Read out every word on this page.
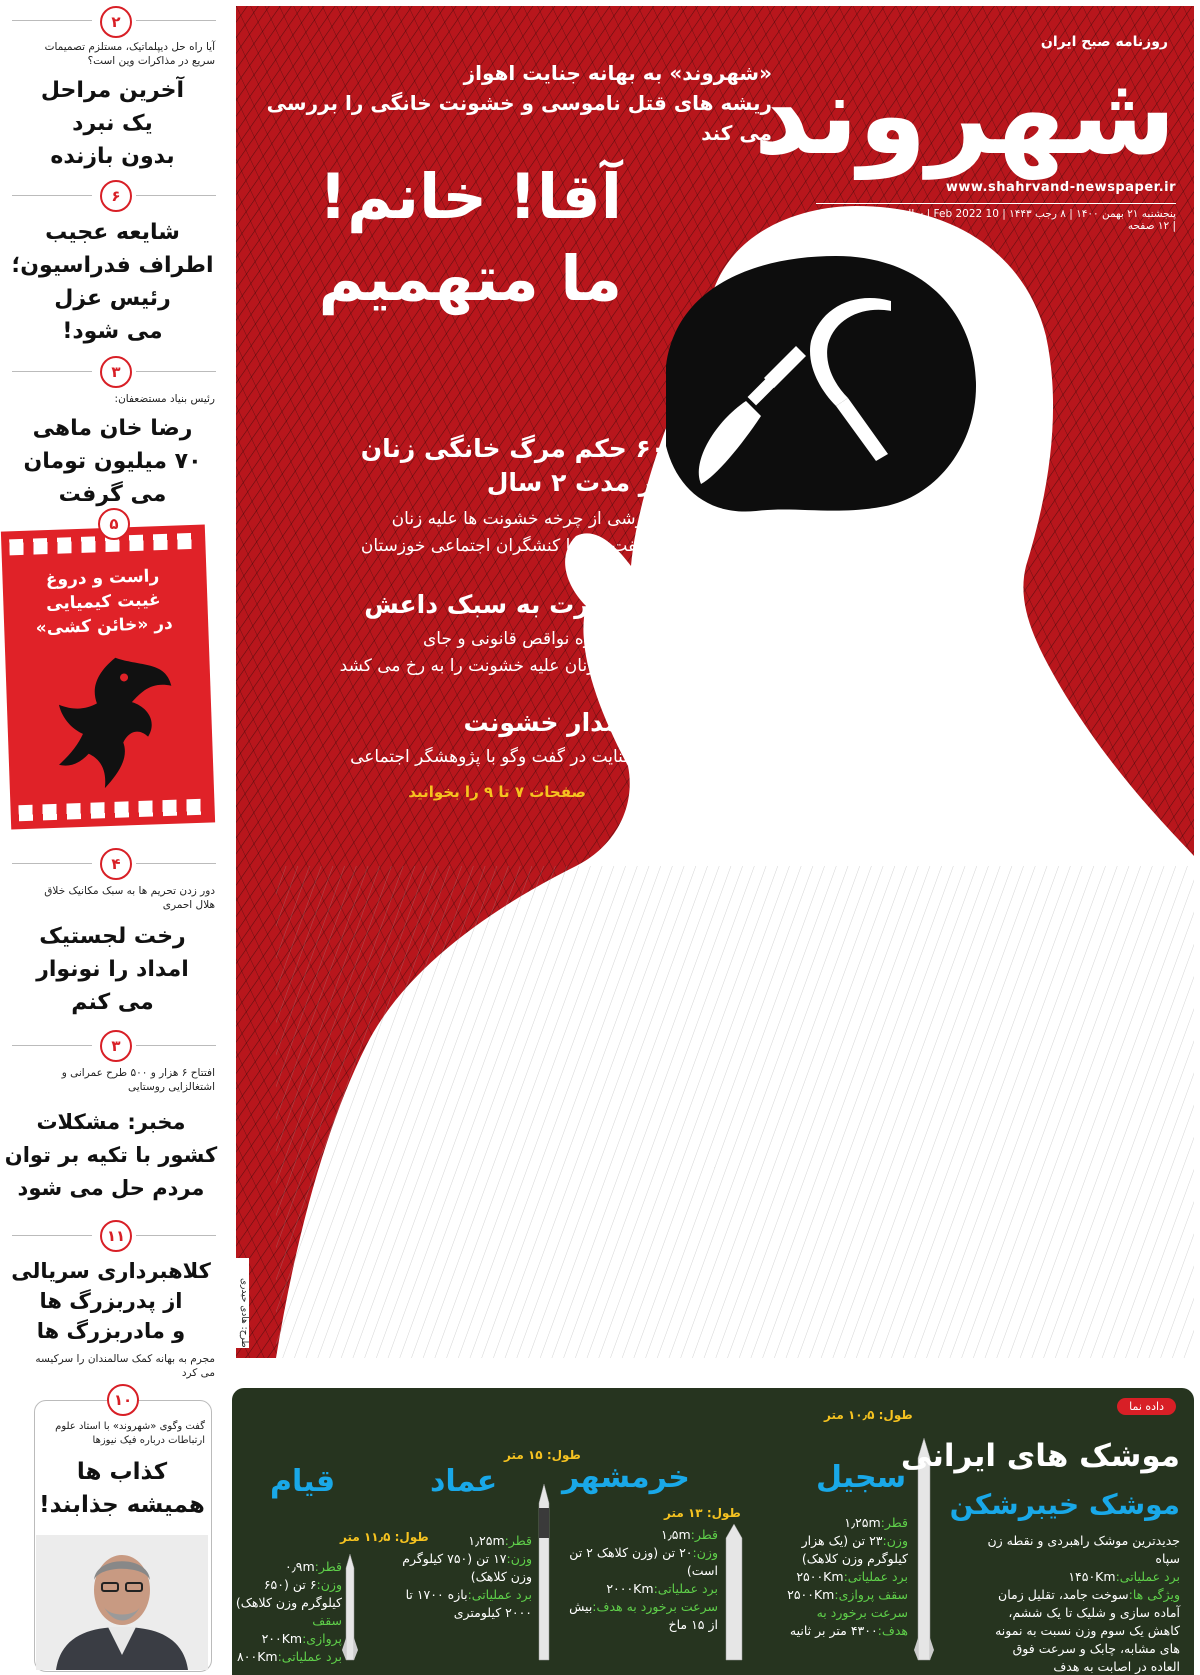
۲
آیا راه حل دیپلماتیک، مستلزم تصمیمات سریع در مذاکرات وین است؟
آخرین مراحل
یک نبرد
بدون بازنده
۶
شایعه عجیب
اطراف فدراسیون؛
رئیس عزل
می شود!
۳
رئیس بنیاد مستضعفان:
رضا خان ماهی
۷۰ میلیون تومان
می گرفت
راست و دروغ
غیبت کیمیایی
در «خائن کشی»
۵
۴
دور زدن تحریم ها به سبک مکانیک خلاق هلال احمری
رخت لجستیک
امداد را نونوار
می کنم
۳
افتتاح ۶ هزار و ۵۰۰ طرح عمرانی و اشتغالزایی روستایی
مخبر: مشکلات
کشور با تکیه بر توان
مردم حل می شود
۱۱
کلاهبرداری سریالی
از پدربزرگ ها
و مادربزرگ ها
مجرم به بهانه کمک سالمندان را سرکیسه می کرد
۱۰
گفت وگوی «شهروند» با استاد علوم ارتباطات درباره فیک نیوزها
کذاب ها
همیشه جذابند!
روزنامه صبح ایران
شهروند
www.shahrvand-newspaper.ir
پنجشنبه ۲۱ بهمن ۱۴۰۰ | ۸ رجب ۱۴۴۳ | 10 Feb 2022 | سال نهم | شماره ۲۴۶۵ | ۱۲ صفحه
«شهروند» به بهانه جنایت اهواز
ریشه های قتل ناموسی و خشونت خانگی را بررسی می کند
آقا! خانم!
ما متهمیم
۶۰ حکم مرگ خانگی زنان
در مدت ۲ سال
گزارشی از چرخه خشونت ها علیه زنان
در گفت وگو با کنشگران اجتماعی خوزستان
نمایش غیرت به سبک داعش
جنایت اهواز دوباره نواقص قانونی و جای
لایحه حمایت از زنان علیه خشونت را به رخ می کشد
در مدار خشونت
ریشه یابی یک جنایت در گفت وگو با پژوهشگر اجتماعی
صفحات ۷ تا ۹ را بخوانید
طرح: هادی حیدری
داده نما
موشک های ایرانی
موشک خیبرشکن
جدیدترین موشک راهبردی و نقطه زن سپاه
برد عملیاتی:۱۴۵۰Km
ویژگی ها:سوخت جامد، تقلیل زمان آماده سازی و شلیک تا یک ششم، کاهش یک سوم وزن نسبت به نمونه های مشابه، چابک و سرعت فوق العاده در اصابت به هدف
طول: ۱۰٫۵ متر
سجیل
قطر:۱٫۲۵m
وزن:۲۳ تن (یک هزار کیلوگرم وزن کلاهک)
برد عملیاتی:۲۵۰۰Km
سقف پروازی:۲۵۰۰Km
سرعت برخورد به هدف:۴۳۰۰ متر بر ثانیه
خرمشهر
طول: ۱۳ متر
قطر:۱٫۵m
وزن:۲۰ تن (وزن کلاهک ۲ تن است)
برد عملیاتی:۲۰۰۰Km
سرعت برخورد به هدف:بیش از ۱۵ ماخ
عماد
طول: ۱۵ متر
قطر:۱٫۲۵m
وزن:۱۷ تن (۷۵۰ کیلوگرم وزن کلاهک)
برد عملیاتی:بازه ۱۷۰۰ تا ۲۰۰۰ کیلومتری
قیام
طول: ۱۱٫۵ متر
قطر:۰٫۹m
وزن:۶ تن (۶۵۰ کیلوگرم وزن کلاهک)
سقف پروازی:۲۰۰Km
برد عملیاتی:۸۰۰Km
